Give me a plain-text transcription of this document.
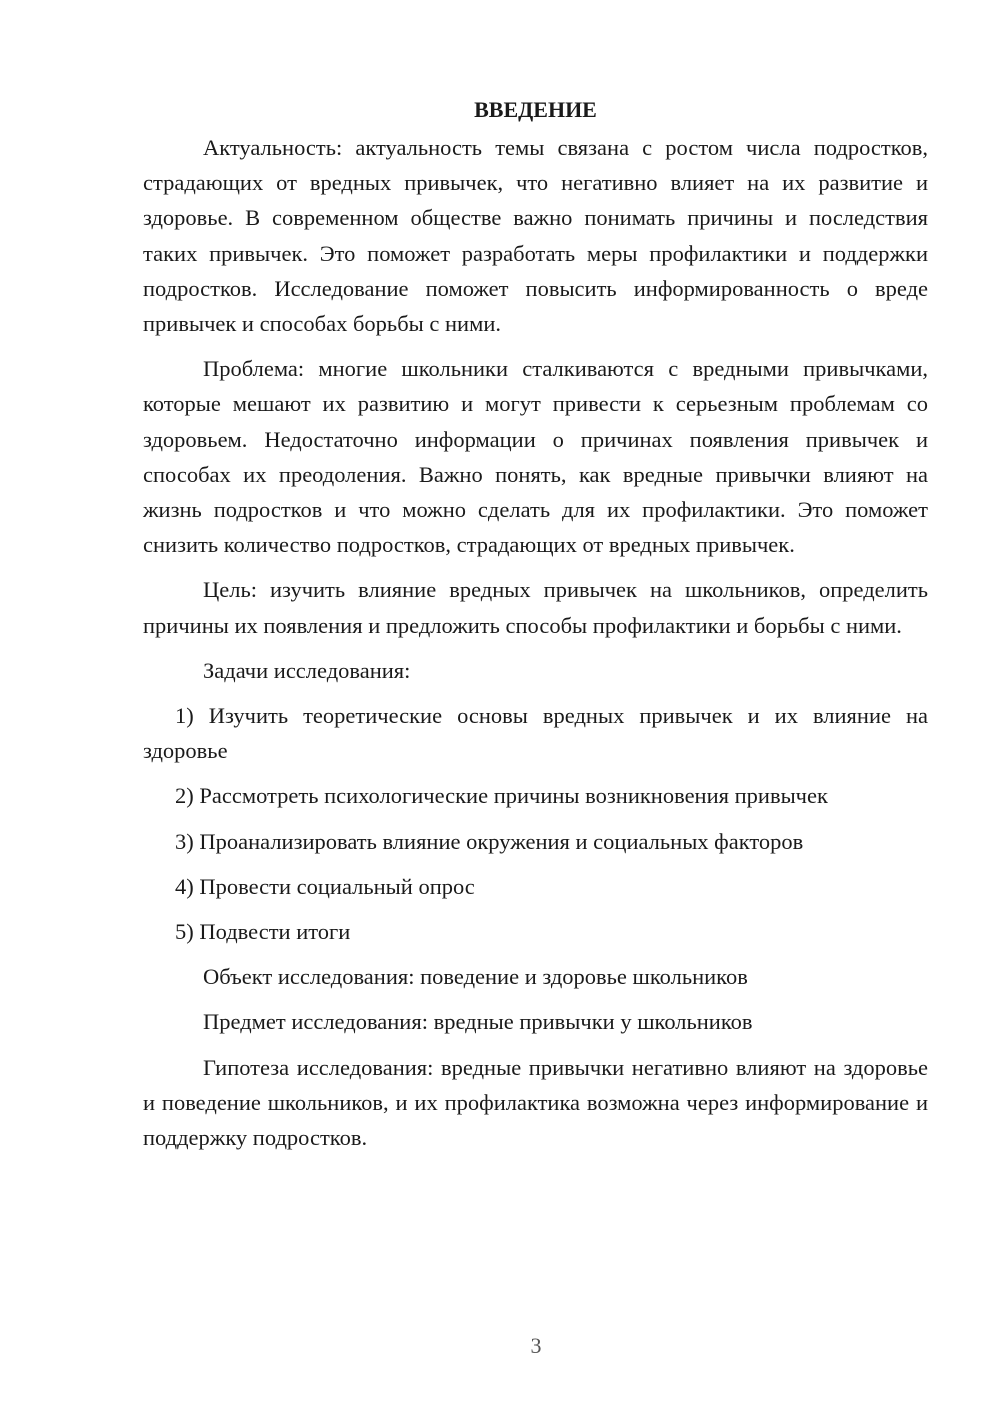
ВВЕДЕНИЕ

Актуальность: актуальность темы связана с ростом числа подростков, страдающих от вредных привычек, что негативно влияет на их развитие и здоровье. В современном обществе важно понимать причины и последствия таких привычек. Это поможет разработать меры профилактики и поддержки подростков. Исследование поможет повысить информированность о вреде привычек и способах борьбы с ними.

Проблема: многие школьники сталкиваются с вредными привычками, которые мешают их развитию и могут привести к серьезным проблемам со здоровьем. Недостаточно информации о причинах появления привычек и способах их преодоления. Важно понять, как вредные привычки влияют на жизнь подростков и что можно сделать для их профилактики. Это поможет снизить количество подростков, страдающих от вредных привычек.

Цель: изучить влияние вредных привычек на школьников, определить причины их появления и предложить способы профилактики и борьбы с ними.

Задачи исследования:

1) Изучить теоретические основы вредных привычек и их влияние на здоровье

2) Рассмотреть психологические причины возникновения привычек

3) Проанализировать влияние окружения и социальных факторов

4) Провести социальный опрос

5) Подвести итоги

Объект исследования: поведение и здоровье школьников

Предмет исследования: вредные привычки у школьников

Гипотеза исследования: вредные привычки негативно влияют на здоровье и поведение школьников, и их профилактика возможна через информирование и поддержку подростков.

3
